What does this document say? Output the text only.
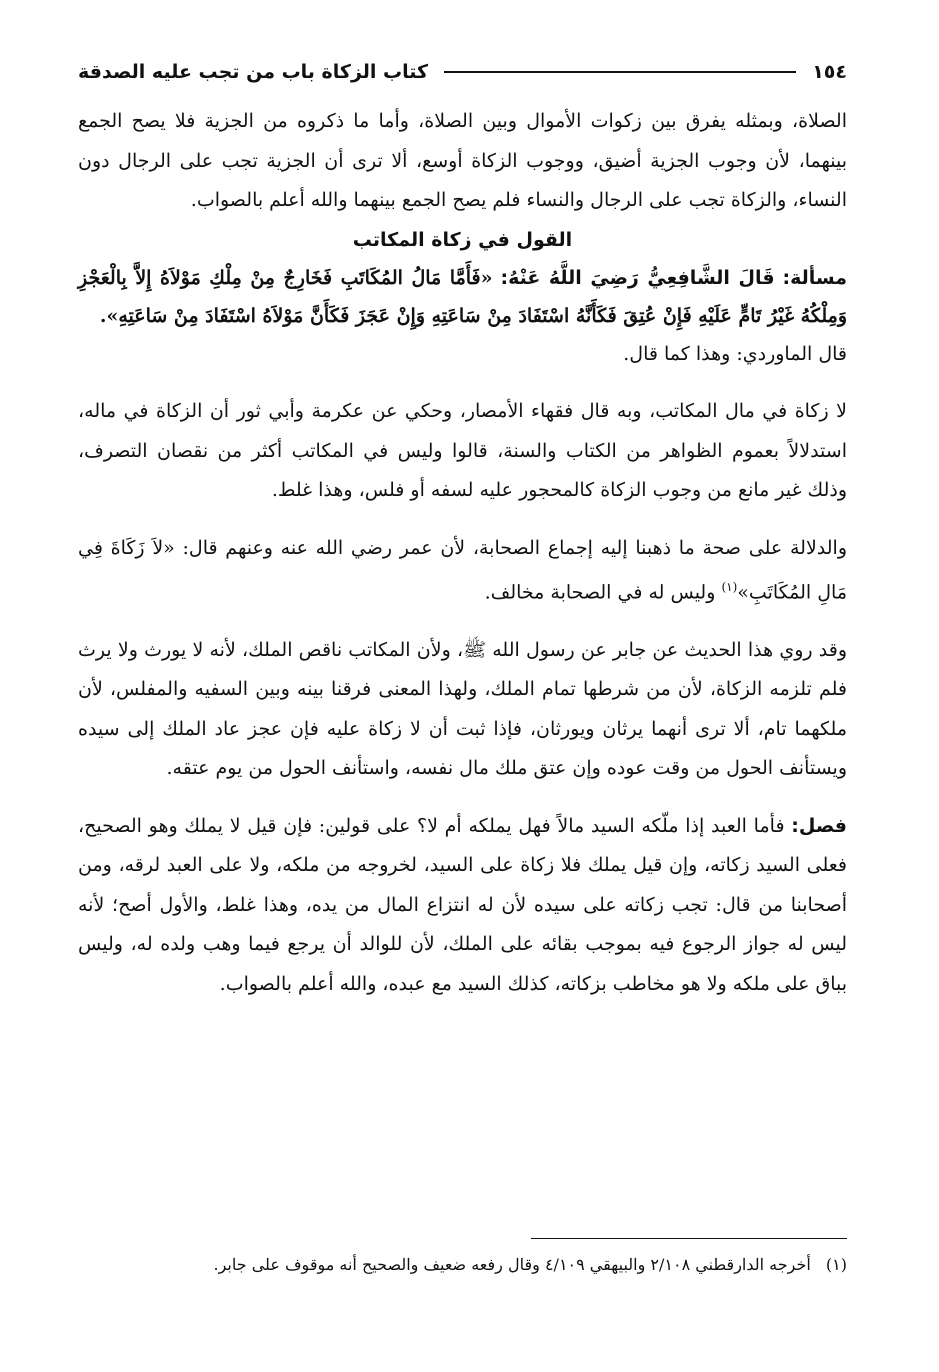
١٥٤
كتاب الزكاة باب من تجب عليه الصدقة

الصلاة، وبمثله يفرق بين زكوات الأموال وبين الصلاة، وأما ما ذكروه من الجزية فلا يصح الجمع بينهما، لأن وجوب الجزية أضيق، ووجوب الزكاة أوسع، ألا ترى أن الجزية تجب على الرجال دون النساء، والزكاة تجب على الرجال والنساء فلم يصح الجمع بينهما والله أعلم بالصواب.

القول في زكاة المكاتب

مسألة: قَالَ الشَّافِعِيُّ رَضِيَ اللَّهُ عَنْهُ: «فَأَمَّا مَالُ المُكَاتَبِ فَخَارِجٌ مِنْ مِلْكِ مَوْلاَهُ إِلاَّ بِالْعَجْزِ وَمِلْكُهُ غَيْرُ تَامٍّ عَلَيْهِ فَإِنْ عُتِقَ فَكَأَنَّهُ اسْتَفَادَ مِنْ سَاعَتِهِ وَإِنْ عَجَزَ فَكَأَنَّ مَوْلاَهُ اسْتَفَادَ مِنْ سَاعَتِهِ».

قال الماوردي: وهذا كما قال.

لا زكاة في مال المكاتب، وبه قال فقهاء الأمصار، وحكي عن عكرمة وأبي ثور أن الزكاة في ماله، استدلالاً بعموم الظواهر من الكتاب والسنة، قالوا وليس في المكاتب أكثر من نقصان التصرف، وذلك غير مانع من وجوب الزكاة كالمحجور عليه لسفه أو فلس، وهذا غلط.

والدلالة على صحة ما ذهبنا إليه إجماع الصحابة، لأن عمر رضي الله عنه وعنهم قال: «لاَ زَكَاةَ فِي مَالِ المُكَاتَبِ»$^{(١)}$ وليس له في الصحابة مخالف.

وقد روي هذا الحديث عن جابر عن رسول الله ﷺ، ولأن المكاتب ناقص الملك، لأنه لا يورث ولا يرث فلم تلزمه الزكاة، لأن من شرطها تمام الملك، ولهذا المعنى فرقنا بينه وبين السفيه والمفلس، لأن ملكهما تام، ألا ترى أنهما يرثان ويورثان، فإذا ثبت أن لا زكاة عليه فإن عجز عاد الملك إلى سيده ويستأنف الحول من وقت عوده وإن عتق ملك مال نفسه، واستأنف الحول من يوم عتقه.

فصل: فأما العبد إذا ملّكه السيد مالاً فهل يملكه أم لا؟ على قولين: فإن قيل لا يملك وهو الصحيح، فعلى السيد زكاته، وإن قيل يملك فلا زكاة على السيد، لخروجه من ملكه، ولا على العبد لرقه، ومن أصحابنا من قال: تجب زكاته على سيده لأن له انتزاع المال من يده، وهذا غلط، والأول أصح؛ لأنه ليس له جواز الرجوع فيه بموجب بقائه على الملك، لأن للوالد أن يرجع فيما وهب ولده له، وليس بباق على ملكه ولا هو مخاطب بزكاته، كذلك السيد مع عبده، والله أعلم بالصواب.

(١) أخرجه الدارقطني ٢/١٠٨ والبيهقي ٤/١٠٩ وقال رفعه ضعيف والصحيح أنه موقوف على جابر.
